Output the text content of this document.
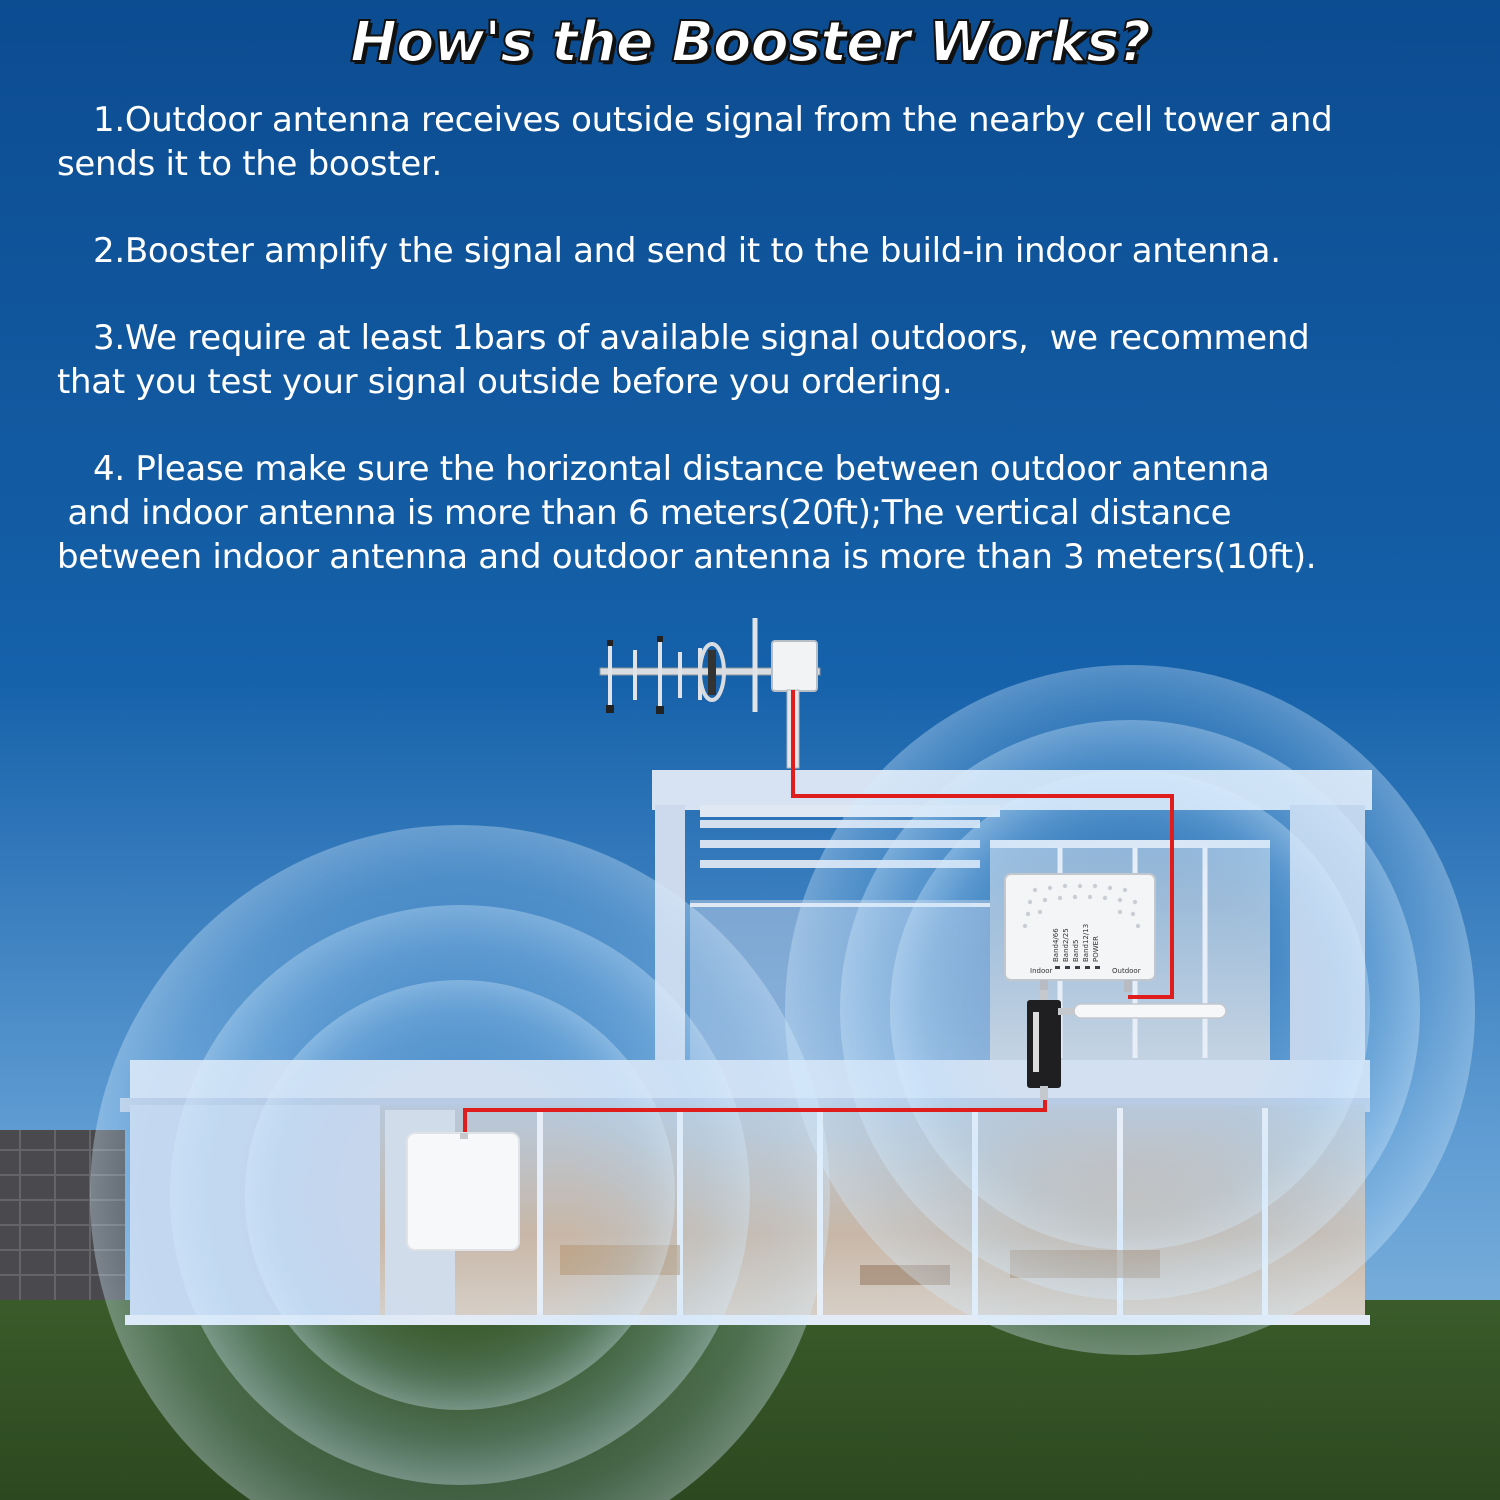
Indoor	Outdoor
Band4/66 Band2/25 Band5 Band12/13 POWER
How's the Booster Works?
1.Outdoor antenna receives outside signal from the nearby cell tower and
sends it to the booster.
2.Booster amplify the signal and send it to the build-in indoor antenna.
3.We require at least 1bars of available signal outdoors,  we recommend
that you test your signal outside before you ordering.
4. Please make sure the horizontal distance between outdoor antenna
and indoor antenna is more than 6 meters(20ft);The vertical distance
between indoor antenna and outdoor antenna is more than 3 meters(10ft).
